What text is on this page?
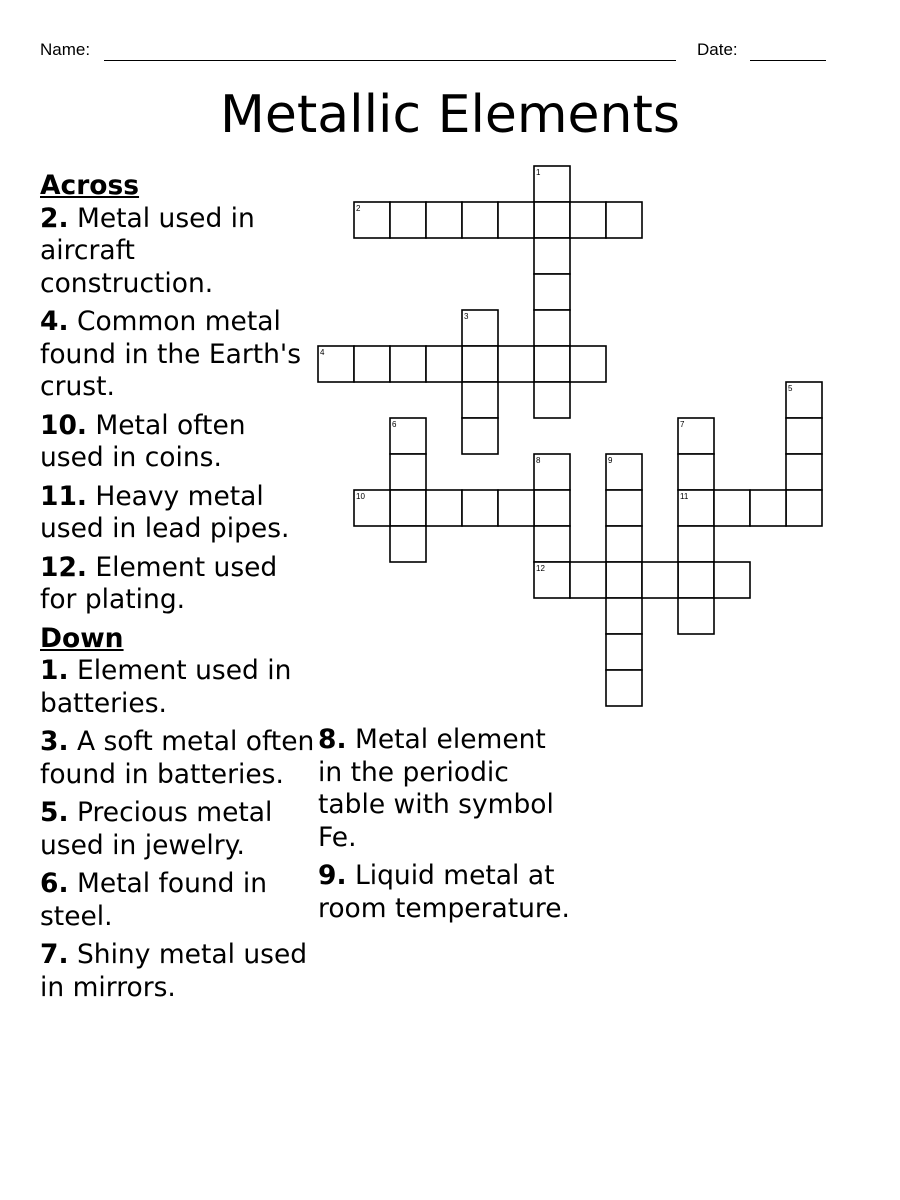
Name:	Date:
Metallic Elements

Across

2. Metal used in aircraft construction.

4. Common metal found in the Earth's crust.

10. Metal often used in coins.

11. Heavy metal used in lead pipes.

12. Element used for plating.

Down

1. Element used in batteries.

3. A soft metal often found in batteries.

5. Precious metal used in jewelry.

6. Metal found in steel.

7. Shiny metal used in mirrors.

8. Metal element in the periodic table with symbol Fe.

9. Liquid metal at room temperature.

1
2
3
4
5
6	7
8	9
10	11
12
